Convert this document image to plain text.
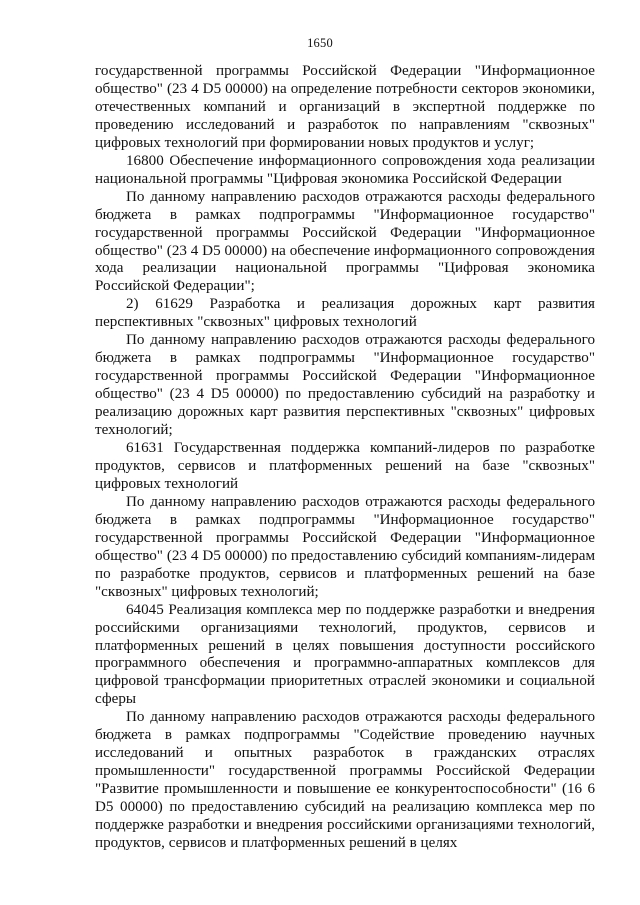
1650

государственной программы Российской Федерации "Информационное общество" (23 4 D5 00000) на определение потребности секторов экономики, отечественных компаний и организаций в экспертной поддержке по проведению исследований и разработок по направлениям "сквозных" цифровых технологий при формировании новых продуктов и услуг;

16800 Обеспечение информационного сопровождения хода реализации национальной программы "Цифровая экономика Российской Федерации

По данному направлению расходов отражаются расходы федерального бюджета в рамках подпрограммы "Информационное государство" государственной программы Российской Федерации "Информационное общество" (23 4 D5 00000) на обеспечение информационного сопровождения хода реализации национальной программы "Цифровая экономика Российской Федерации";

2) 61629 Разработка и реализация дорожных карт развития перспективных "сквозных" цифровых технологий

По данному направлению расходов отражаются расходы федерального бюджета в рамках подпрограммы "Информационное государство" государственной программы Российской Федерации "Информационное общество" (23 4 D5 00000) по предоставлению субсидий на разработку и реализацию дорожных карт развития перспективных "сквозных" цифровых технологий;

61631 Государственная поддержка компаний-лидеров по разработке продуктов, сервисов и платформенных решений на базе "сквозных" цифровых технологий

По данному направлению расходов отражаются расходы федерального бюджета в рамках подпрограммы "Информационное государство" государственной программы Российской Федерации "Информационное общество" (23 4 D5 00000) по предоставлению субсидий компаниям-лидерам по разработке продуктов, сервисов и платформенных решений на базе "сквозных" цифровых технологий;

64045 Реализация комплекса мер по поддержке разработки и внедрения российскими организациями технологий, продуктов, сервисов и платформенных решений в целях повышения доступности российского программного обеспечения и программно-аппаратных комплексов для цифровой трансформации приоритетных отраслей экономики и социальной сферы

По данному направлению расходов отражаются расходы федерального бюджета в рамках подпрограммы "Содействие проведению научных исследований и опытных разработок в гражданских отраслях промышленности" государственной программы Российской Федерации "Развитие промышленности и повышение ее конкурентоспособности" (16 6 D5 00000) по предоставлению субсидий на реализацию комплекса мер по поддержке разработки и внедрения российскими организациями технологий, продуктов, сервисов и платформенных решений в целях
